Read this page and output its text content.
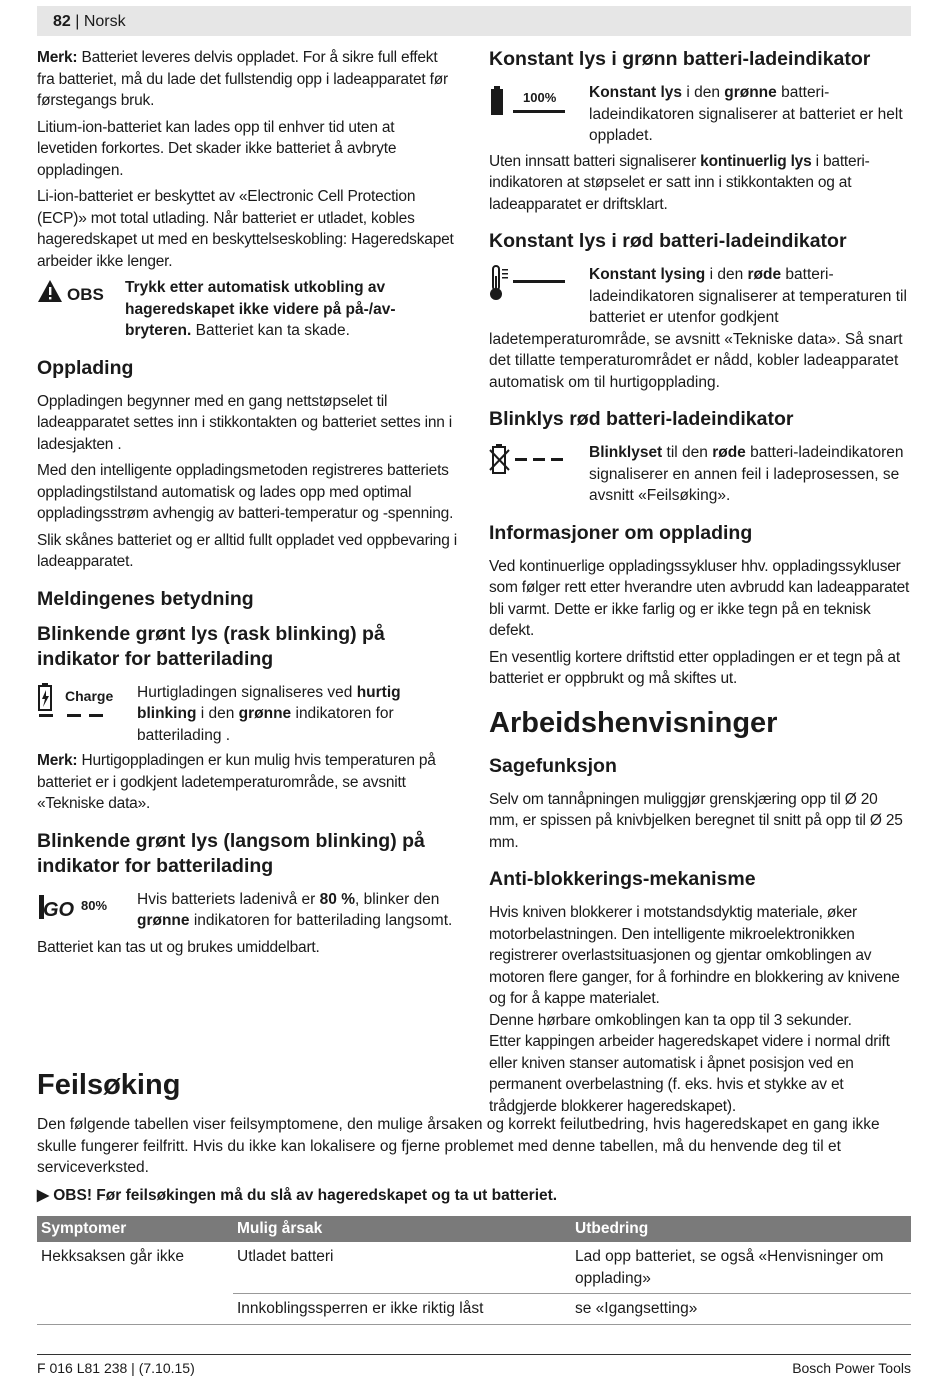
82 | Norsk

Merk: Batteriet leveres delvis oppladet. For å sikre full effekt fra batteriet, må du lade det fullstendig opp i ladeapparatet før førstegangs bruk.

Litium-ion-batteriet kan lades opp til enhver tid uten at levetiden forkortes. Det skader ikke batteriet å avbryte oppladingen.

Li-ion-batteriet er beskyttet av «Electronic Cell Protection (ECP)» mot total utlading. Når batteriet er utladet, kobles hageredskapet ut med en beskyttelseskobling: Hageredskapet arbeider ikke lenger.

OBS Trykk etter automatisk utkobling av hageredskapet ikke videre på på-/av-bryteren. Batteriet kan ta skade.
Opplading

Oppladingen begynner med en gang nettstøpselet til ladeapparatet settes inn i stikkontakten og batteriet settes inn i ladesjakten .

Med den intelligente oppladingsmetoden registreres batteriets oppladingstilstand automatisk og lades opp med optimal oppladingsstrøm avhengig av batteri-temperatur og -spenning.

Slik skånes batteriet og er alltid fullt oppladet ved oppbevaring i ladeapparatet.

Meldingenes betydning
Blinkende grønt lys (rask blinking) på indikator for batterilading
Charge Hurtigladingen signaliseres ved hurtig blinking i den grønne indikatoren for batterilading .

Merk: Hurtigoppladingen er kun mulig hvis temperaturen på batteriet er i godkjent ladetemperaturområde, se avsnitt «Tekniske data».

Blinkende grønt lys (langsom blinking) på indikator for batterilading
GO 80% Hvis batteriets ladenivå er 80 %, blinker den grønne indikatoren for batterilading langsomt.

Batteriet kan tas ut og brukes umiddelbart.

Konstant lys i grønn batteri-ladeindikator
100% Konstant lys i den grønne batteri-ladeindikatoren signaliserer at batteriet er helt oppladet.

Uten innsatt batteri signaliserer kontinuerlig lys i batteri-indikatoren at støpselet er satt inn i stikkontakten og at ladeapparatet er driftsklart.

Konstant lys i rød batteri-ladeindikator
Konstant lysing i den røde batteri-ladeindikatoren signaliserer at temperaturen til batteriet er utenfor godkjent ladetemperaturområde, se avsnitt «Tekniske data». Så snart det tillatte temperaturområdet er nådd, kobler ladeapparatet automatisk om til hurtigopplading.
Blinklys rød batteri-ladeindikator
Blinklyset til den røde batteri-ladeindikatoren signaliserer en annen feil i ladeprosessen, se avsnitt «Feilsøking».
Informasjoner om opplading

Ved kontinuerlige oppladingssykluser hhv. oppladingssykluser som følger rett etter hverandre uten avbrudd kan ladeapparatet bli varmt. Dette er ikke farlig og er ikke tegn på en teknisk defekt.

En vesentlig kortere driftstid etter oppladingen er et tegn på at batteriet er oppbrukt og må skiftes ut.

Arbeidshenvisninger
Sagefunksjon

Selv om tannåpningen muliggjør grenskjæring opp til Ø 20 mm, er spissen på knivbjelken beregnet til snitt på opp til Ø 25 mm.

Anti-blokkerings-mekanisme

Hvis kniven blokkerer i motstandsdyktig materiale, øker motorbelastningen. Den intelligente mikroelektronikken registrerer overlastsituasjonen og gjentar omkoblingen av motoren flere ganger, for å forhindre en blokkering av knivene og for å kappe materialet.

Denne hørbare omkoblingen kan ta opp til 3 sekunder.

Etter kappingen arbeider hageredskapet videre i normal drift eller kniven stanser automatisk i åpnet posisjon ved en permanent overbelastning (f. eks. hvis et stykke av et trådgjerde blokkerer hageredskapet).

Feilsøking

Den følgende tabellen viser feilsymptomene, den mulige årsaken og korrekt feilutbedring, hvis hageredskapet en gang ikke skulle fungerer feilfritt. Hvis du ikke kan lokalisere og fjerne problemet med denne tabellen, må du henvende deg til et serviceverksted.

▶ OBS! Før feilsøkingen må du slå av hageredskapet og ta ut batteriet.

Symptomer	Mulig årsak	Utbedring
Hekksaksen går ikke	Utladet batteri	Lad opp batteriet, se også «Henvisninger om opplading»
	Innkoblingssperren er ikke riktig låst	se «Igangsetting»
F 016 L81 238 | (7.10.15)	Bosch Power Tools
